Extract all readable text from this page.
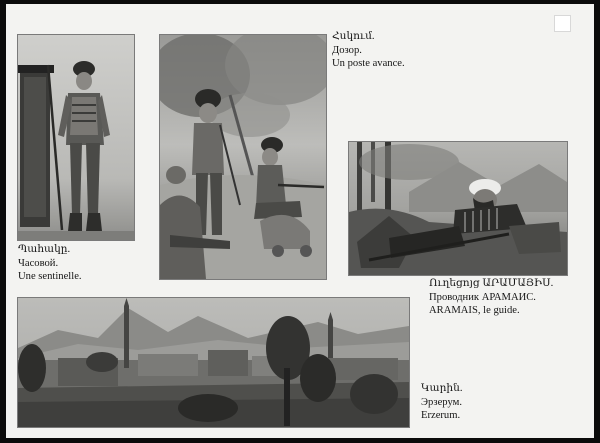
Պահակը.
Часовой.
Une sentinelle.
Հսկում.
Дозор.
Un poste avance.
Ուղեցոյց ԱՐԱՄԱՅԻՍ.
Проводник АРАМАИС.
ARAMAIS, le guide.
Կարին.
Эрзерум.
Erzerum.
